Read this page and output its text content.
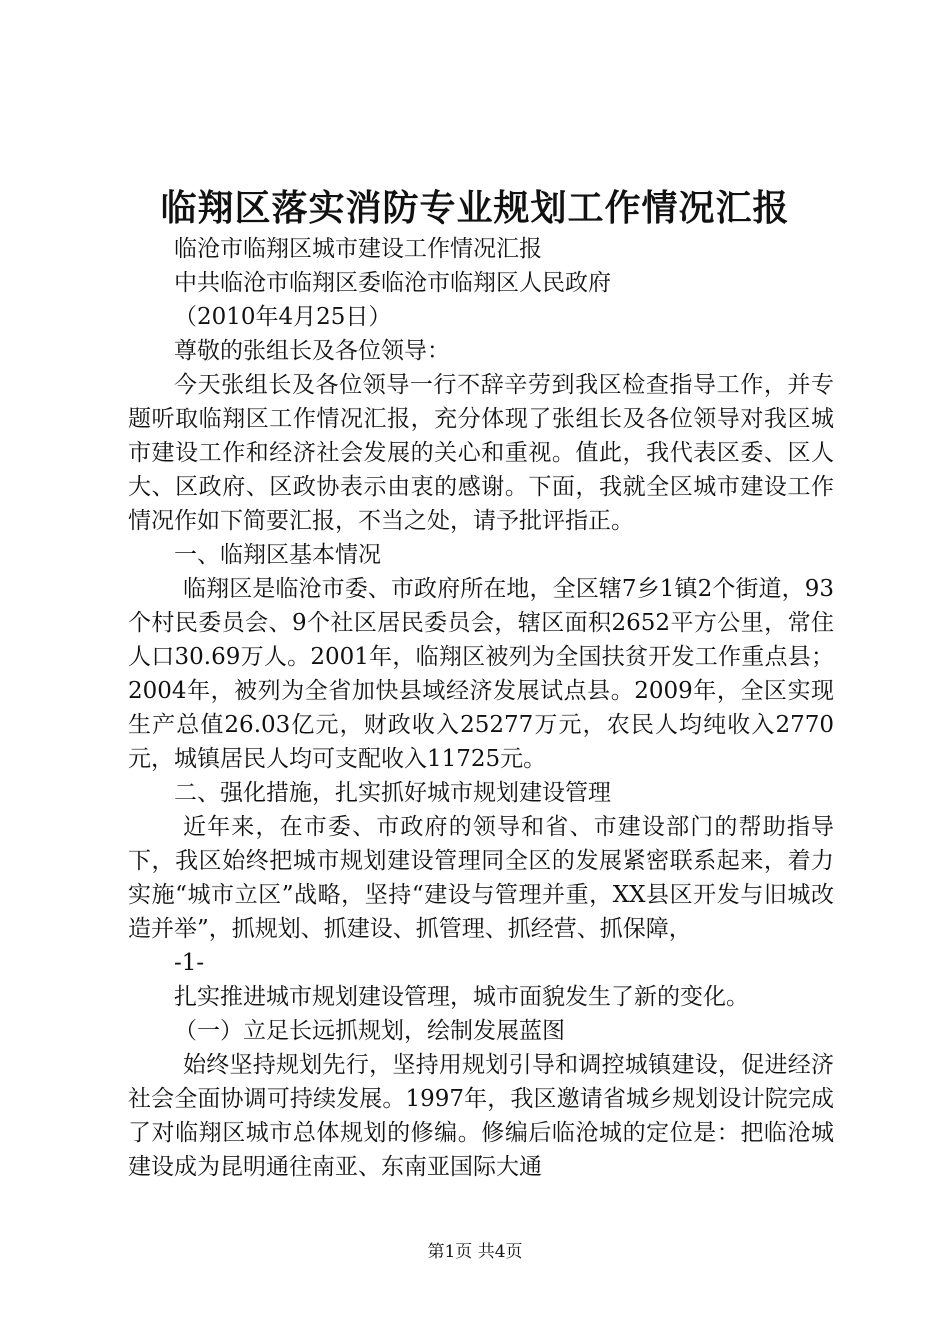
临翔区落实消防专业规划工作情况汇报

临沧市临翔区城市建设工作情况汇报

中共临沧市临翔区委临沧市临翔区人民政府

（2010年4月25日）

尊敬的张组长及各位领导：

今天张组长及各位领导一行不辞辛劳到我区检查指导工作，并专题听取临翔区工作情况汇报，充分体现了张组长及各位领导对我区城市建设工作和经济社会发展的关心和重视。值此，我代表区委、区人大、区政府、区政协表示由衷的感谢。下面，我就全区城市建设工作情况作如下简要汇报，不当之处，请予批评指正。

一、临翔区基本情况

临翔区是临沧市委、市政府所在地，全区辖7乡1镇2个街道，93个村民委员会、9个社区居民委员会，辖区面积2652平方公里，常住人口30.69万人。2001年，临翔区被列为全国扶贫开发工作重点县；2004年，被列为全省加快县域经济发展试点县。2009年，全区实现生产总值26.03亿元，财政收入25277万元，农民人均纯收入2770元，城镇居民人均可支配收入11725元。

二、强化措施，扎实抓好城市规划建设管理

近年来，在市委、市政府的领导和省、市建设部门的帮助指导下，我区始终把城市规划建设管理同全区的发展紧密联系起来，着力实施“城市立区”战略，坚持“建设与管理并重，XX县区开发与旧城改造并举”，抓规划、抓建设、抓管理、抓经营、抓保障，

-1-

扎实推进城市规划建设管理，城市面貌发生了新的变化。

（一）立足长远抓规划，绘制发展蓝图

始终坚持规划先行，坚持用规划引导和调控城镇建设，促进经济社会全面协调可持续发展。1997年，我区邀请省城乡规划设计院完成了对临翔区城市总体规划的修编。修编后临沧城的定位是：把临沧城建设成为昆明通往南亚、东南亚国际大通

第1页 共4页
